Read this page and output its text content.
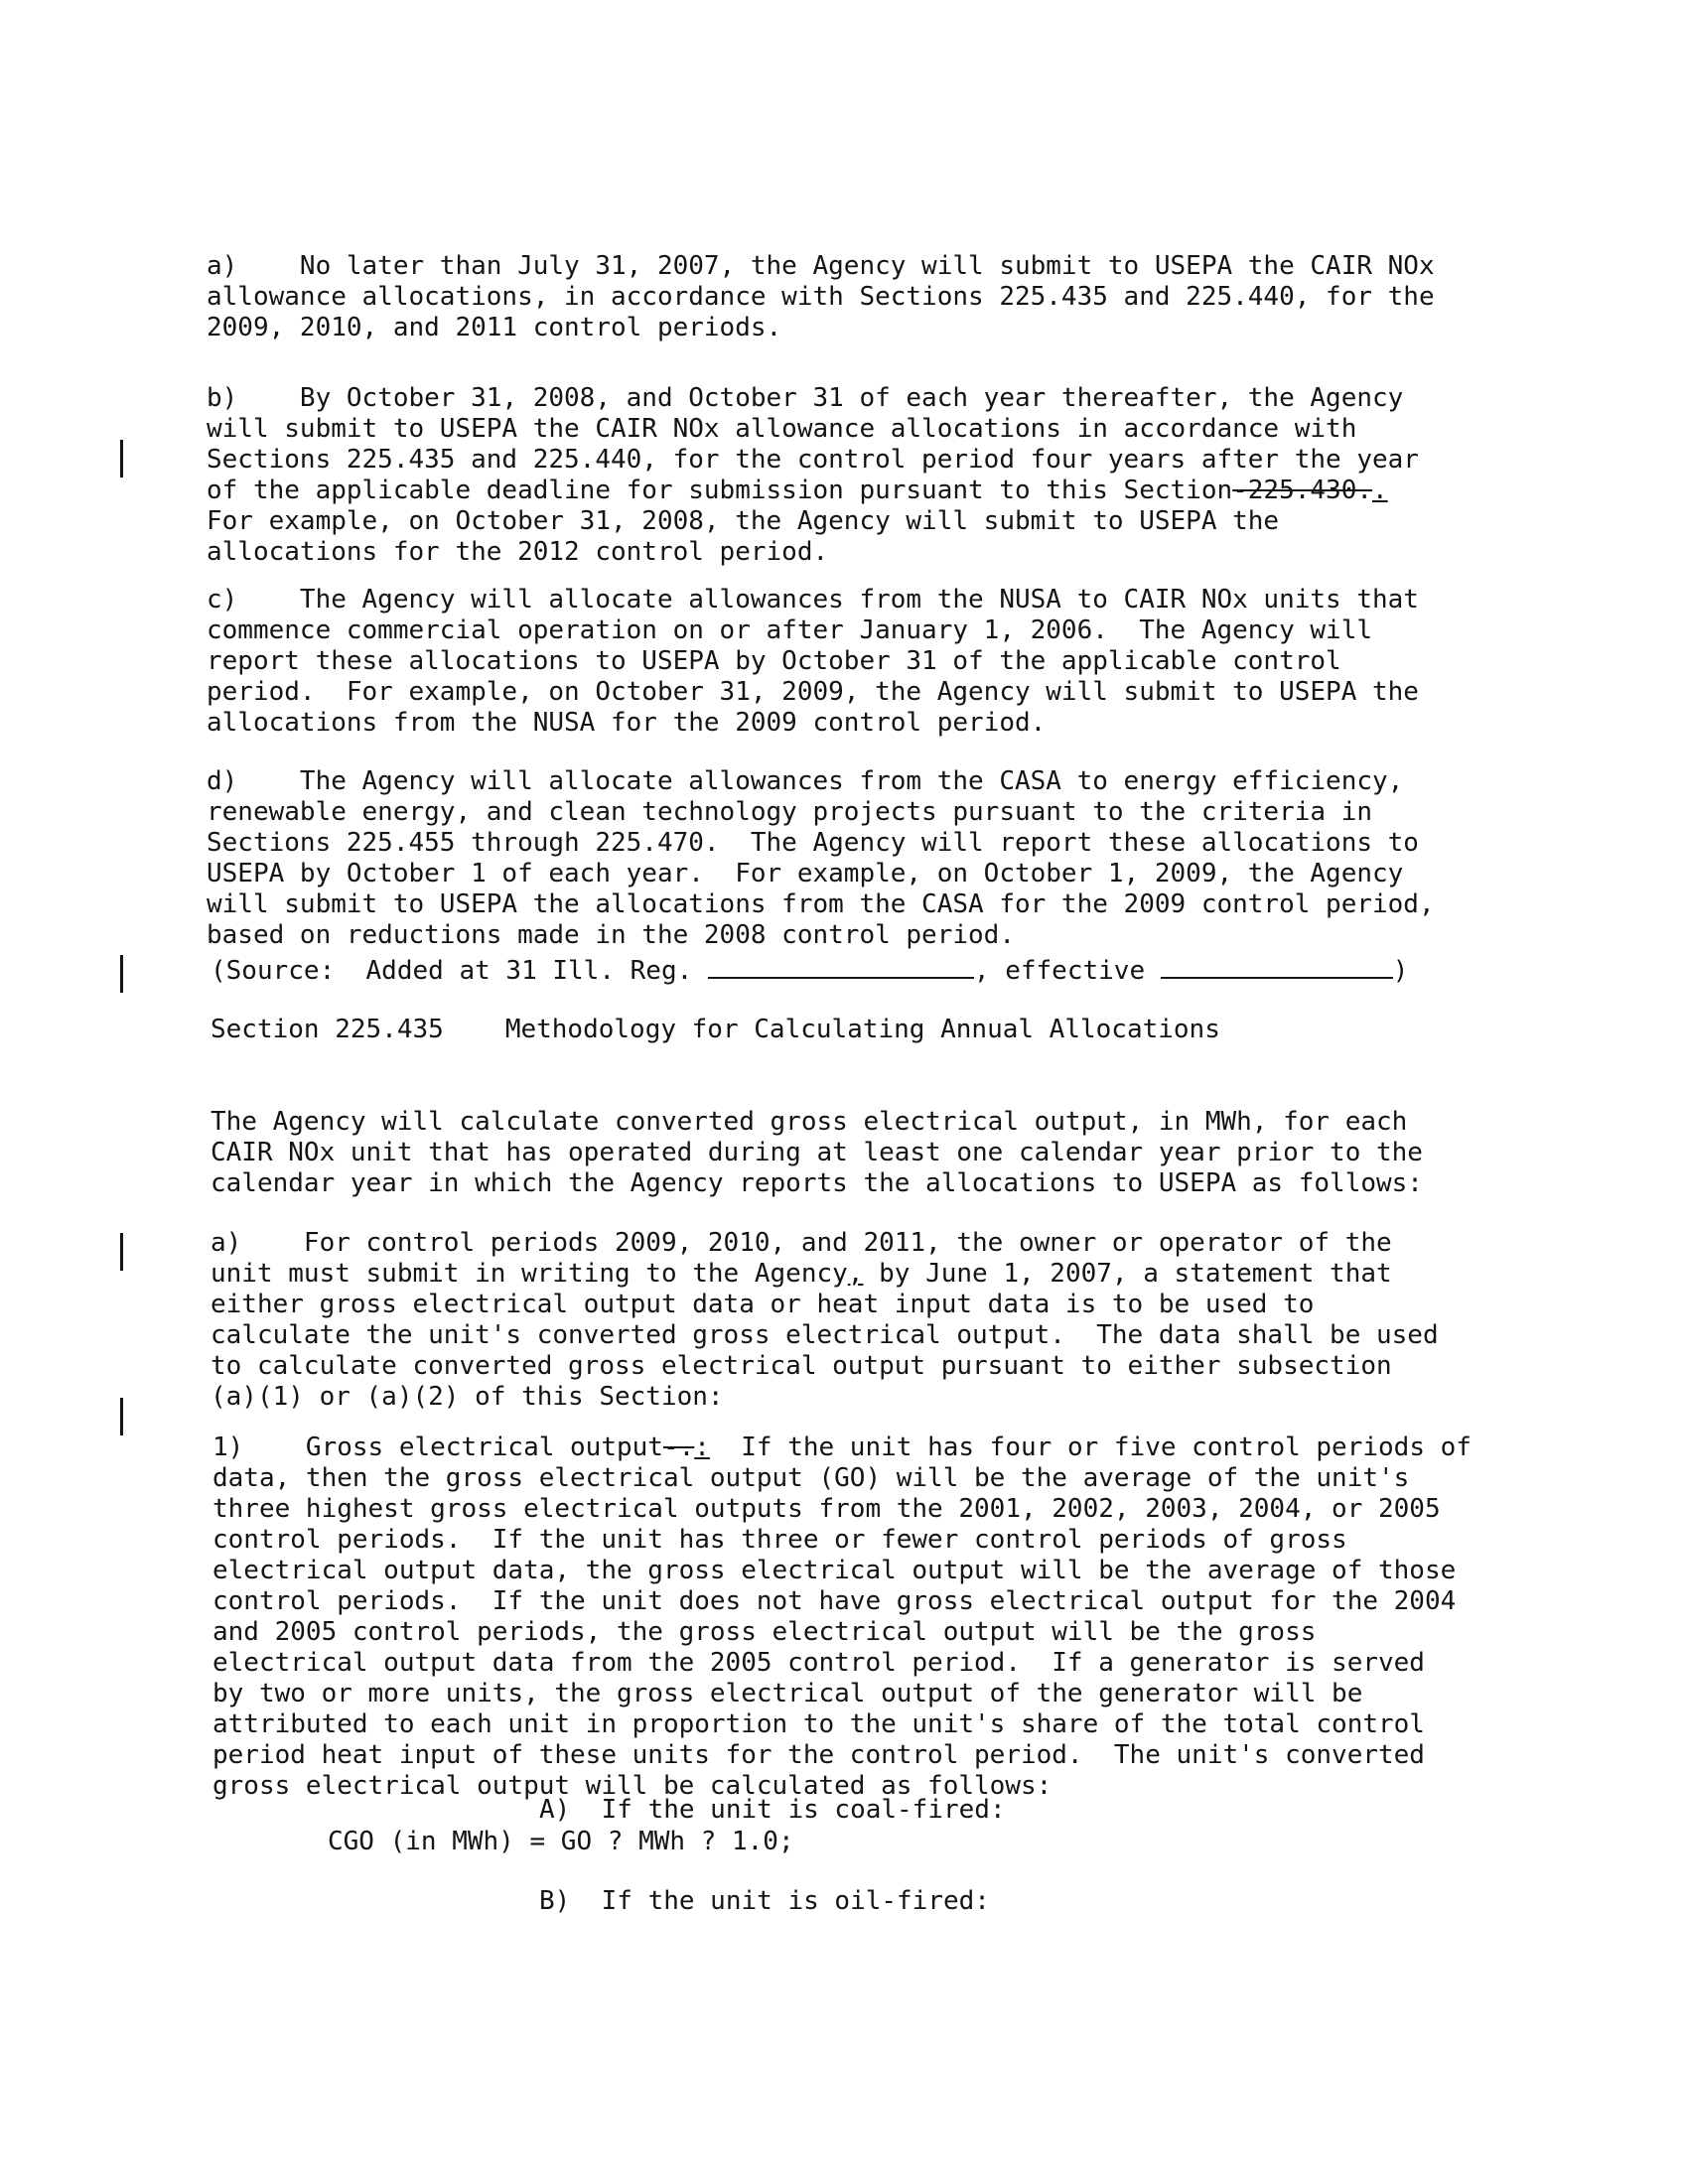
a)    No later than July 31, 2007, the Agency will submit to USEPA the CAIR NOx
allowance allocations, in accordance with Sections 225.435 and 225.440, for the
2009, 2010, and 2011 control periods.

b)    By October 31, 2008, and October 31 of each year thereafter, the Agency
will submit to USEPA the CAIR NOx allowance allocations in accordance with
Sections 225.435 and 225.440, for the control period four years after the year
of the applicable deadline for submission pursuant to this Section-225.430..
For example, on October 31, 2008, the Agency will submit to USEPA the
allocations for the 2012 control period.

c)    The Agency will allocate allowances from the NUSA to CAIR NOx units that
commence commercial operation on or after January 1, 2006.  The Agency will
report these allocations to USEPA by October 31 of the applicable control
period.  For example, on October 31, 2009, the Agency will submit to USEPA the
allocations from the NUSA for the 2009 control period.

d)    The Agency will allocate allowances from the CASA to energy efficiency,
renewable energy, and clean technology projects pursuant to the criteria in
Sections 225.455 through 225.470.  The Agency will report these allocations to
USEPA by October 1 of each year.  For example, on October 1, 2009, the Agency
will submit to USEPA the allocations from the CASA for the 2009 control period,
based on reductions made in the 2008 control period.
(Source:  Added at 31 Ill. Reg.	, effective	)
Section 225.435 Methodology for Calculating Annual Allocations

The Agency will calculate converted gross electrical output, in MWh, for each
CAIR NOx unit that has operated during at least one calendar year prior to the
calendar year in which the Agency reports the allocations to USEPA as follows:

a)    For control periods 2009, 2010, and 2011, the owner or operator of the
unit must submit in writing to the Agency, by June 1, 2007, a statement that
either gross electrical output data or heat input data is to be used to
calculate the unit's converted gross electrical output.  The data shall be used
to calculate converted gross electrical output pursuant to either subsection
(a)(1) or (a)(2) of this Section:

1)    Gross electrical output-.:  If the unit has four or five control periods of
data, then the gross electrical output (GO) will be the average of the unit's
three highest gross electrical outputs from the 2001, 2002, 2003, 2004, or 2005
control periods.  If the unit has three or fewer control periods of gross
electrical output data, the gross electrical output will be the average of those
control periods.  If the unit does not have gross electrical output for the 2004
and 2005 control periods, the gross electrical output will be the gross
electrical output data from the 2005 control period.  If a generator is served
by two or more units, the gross electrical output of the generator will be
attributed to each unit in proportion to the unit's share of the total control
period heat input of these units for the control period.  The unit's converted
gross electrical output will be calculated as follows:
A)  If the unit is coal-fired:
CGO (in MWh) = GO ? MWh ? 1.0;
B)  If the unit is oil-fired:
